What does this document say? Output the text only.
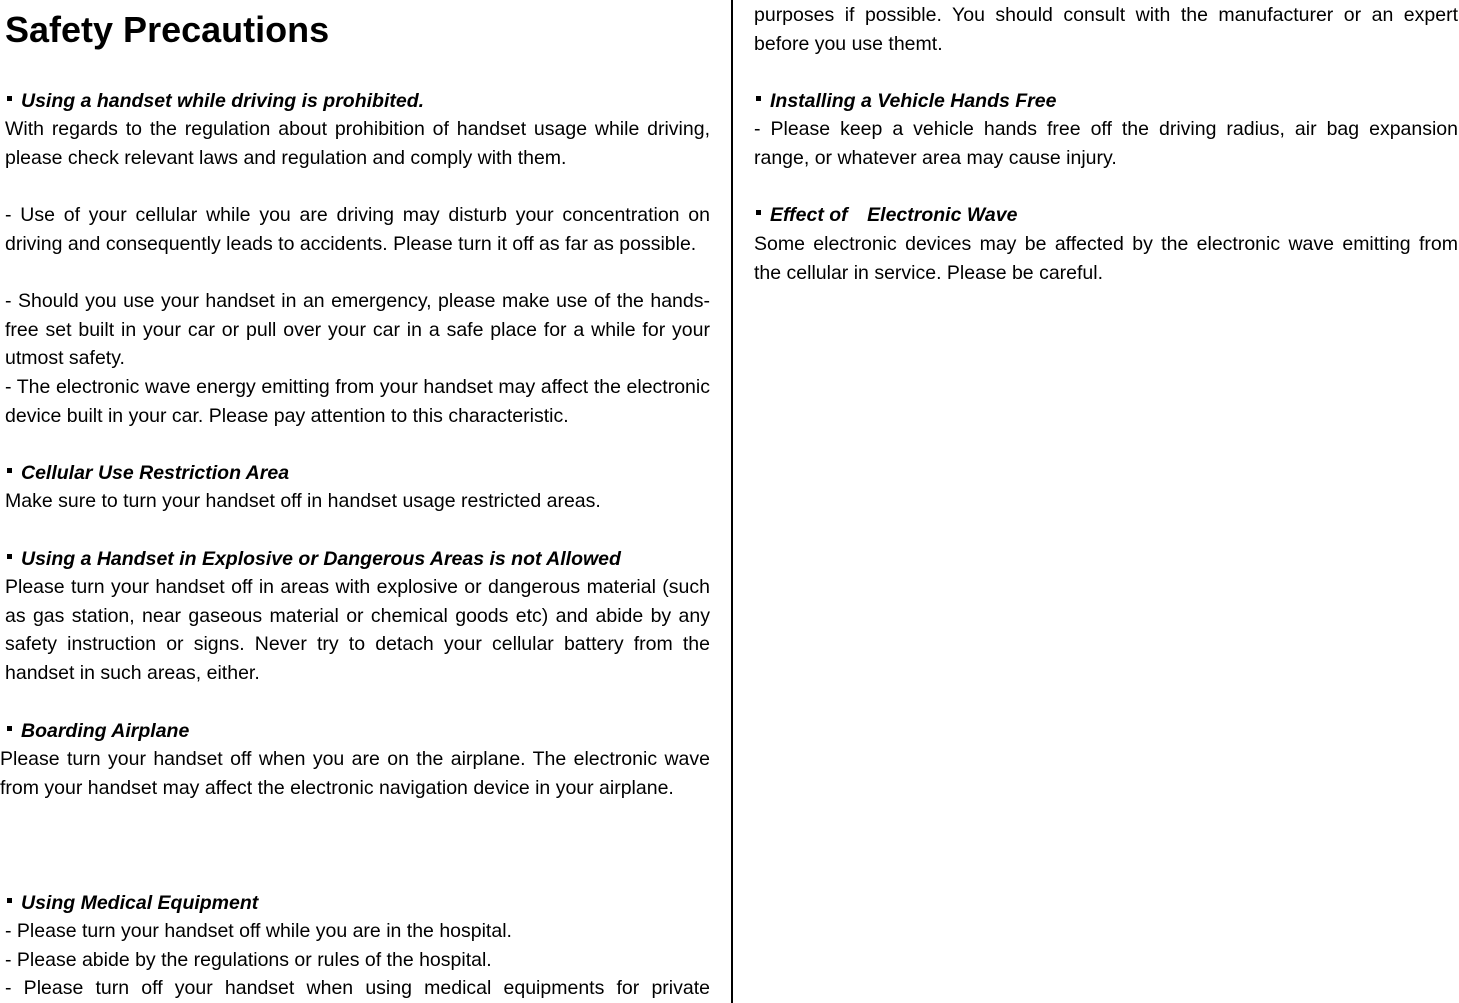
Safety Precautions
Using a handset while driving is prohibited.

With regards to the regulation about prohibition of handset usage while driving, please check relevant laws and regulation and comply with them.

- Use of your cellular while you are driving may disturb your concentration on driving and consequently leads to accidents. Please turn it off as far as possible.

- Should you use your handset in an emergency, please make use of the hands-free set built in your car or pull over your car in a safe place for a while for your utmost safety.

- The electronic wave energy emitting from your handset may affect the electronic device built in your car. Please pay attention to this characteristic.

Cellular Use Restriction Area

Make sure to turn your handset off in handset usage restricted areas.

Using a Handset in Explosive or Dangerous Areas is not Allowed

Please turn your handset off in areas with explosive or dangerous material (such as gas station, near gaseous material or chemical goods etc) and abide by any safety instruction or signs. Never try to detach your cellular battery from the handset in such areas, either.

Boarding Airplane

Please turn your handset off when you are on the airplane. The electronic wave from your handset may affect the electronic navigation device in your airplane.

Using Medical Equipment

- Please turn your handset off while you are in the hospital.

- Please abide by the regulations or rules of the hospital.

- Please turn off your handset when using medical equipments for private

purposes if possible. You should consult with the manufacturer or an expert before you use themt.

Installing a Vehicle Hands Free

- Please keep a vehicle hands free off the driving radius, air bag expansion range, or whatever area may cause injury.

Effect of　Electronic Wave

Some electronic devices may be affected by the electronic wave emitting from the cellular in service. Please be careful.
